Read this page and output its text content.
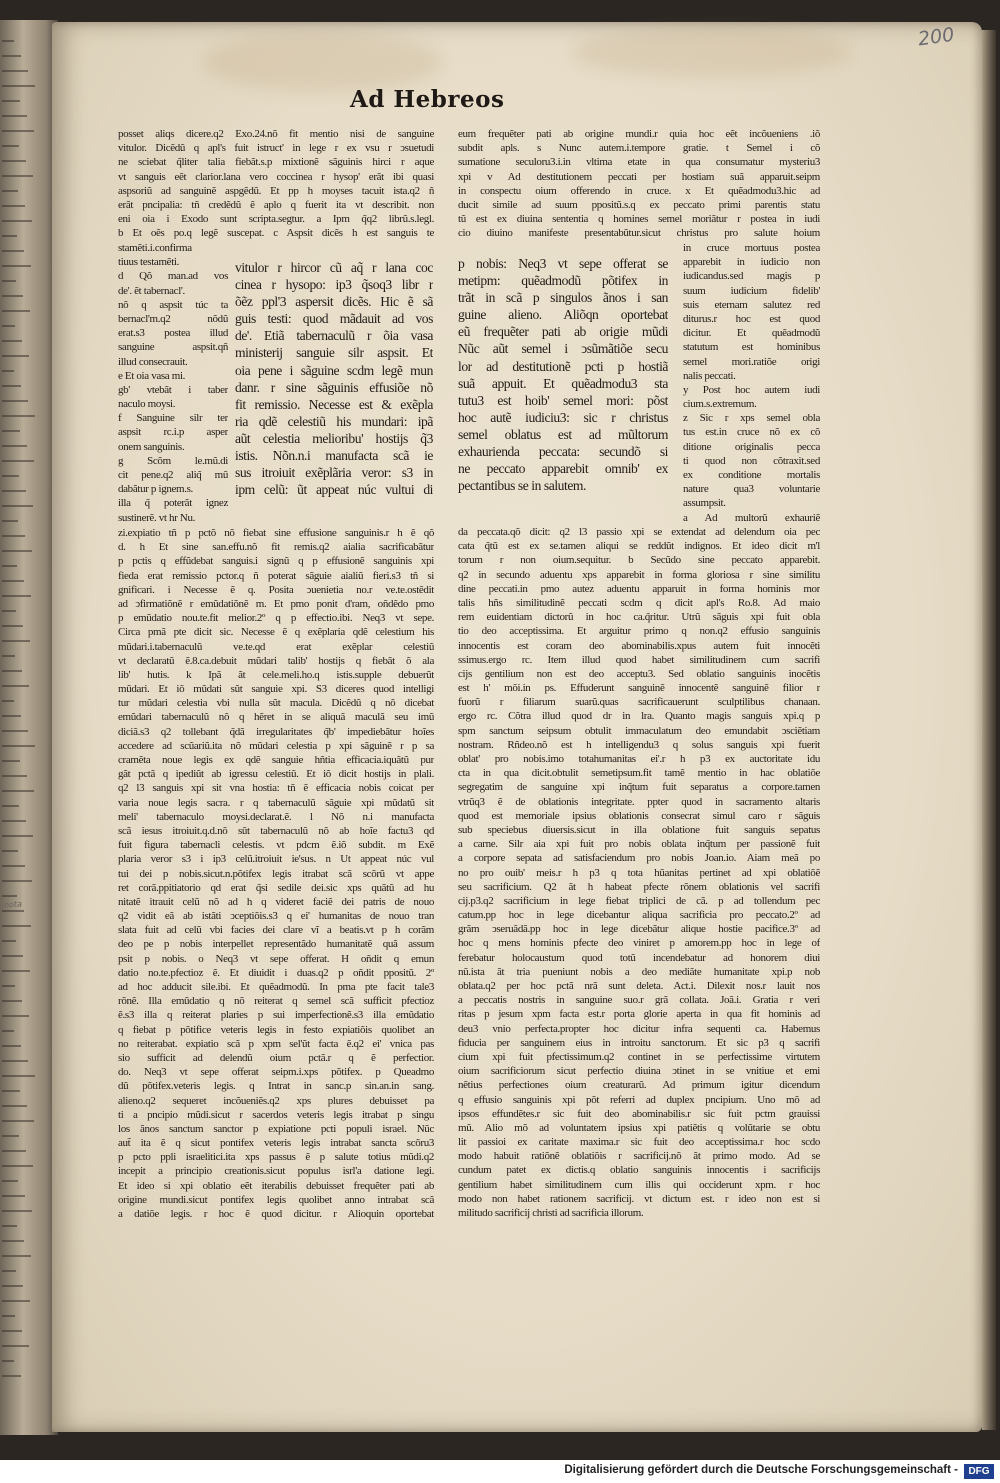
200
Ad Hebreos
posset aliqs dicere.q2 Exo.24.nõ fit mentio nisi de sanguine
vitulor. Dicẽdũ q apl's fuit istruct' in lege r ex vsu r ↄsuetudi
ne sciebat q̃liter talia fiebãt.s.p mixtionẽ sãguinis hirci r aque
vt sanguis eẽt clarior.lana vero coccinea r hysop' erãt ibi quasi
aspsoriũ ad sanguinẽ aspgẽdũ. Et pp h moyses tacuit ista.q2 ñ
erãt pncipalia: tñ credẽdũ ẽ aplo q fuerit ita vt describit. non
eni oia i Exodo sunt scripta.segtur. a Ipm q̃q2 librũ.s.legl.
b Et oẽs po.q legẽ suscepat. c Aspsit dicẽs h est sanguis te
stamẽti.i.confirma
tiuus testamẽti.
d Qõ man.ad vos
de'. ẽt tabernacl'.
nõ q aspsit túc ta
bernacl'm.q2 nõdũ
erat.s3 postea illud
sanguine aspsit.qñ
illud consecrauit.
e Et oia vasa mi.
gb' vtebãt i taber
naculo moysi.
f Sanguine silr ter
aspsit rc.i.p asper
onem sanguinis.
g Scõm le.mũ.di
cit pene.q2 aliq̃ mũ
dabãtur p ignem.s.
illa q̃ poterãt ignez
sustinerẽ. vt hr Nu.
vitulor r hircor cũ aq̃ r lana coc
cinea r hysopo: ip3 q̃soq3 libr r
õẽz ppl'3 aspersit dicẽs. Hic ẽ sã
guis testi: quod mãdauit ad vos
de'. Etiã tabernaculũ r õia vasa
ministerij sanguie silr aspsit. Et
oia pene i sãguine scdm legẽ mun
danr. r sine sãguinis effusiõe nõ
fit remissio. Necesse est & exẽpla
ria qdẽ celestiũ his mundari: ipã
aũt celestia melioribu' hostijs q̃3
istis. Nõn.n.i manufacta scã ie
sus itroiuit exẽplãria veror: s3 in
ipm celũ: ũt appeat núc vultui di
zi.expiatio tñ p pctõ nõ fiebat sine effusione sanguinis.r h ẽ qõ
d. h Et sine san.effu.nõ fit remis.q2 aialia sacrificabãtur
p pctis q effũdebat sanguis.i signũ q p effusionẽ sanguinis xpi
fieda erat remissio pctor.q ñ poterat sãguie aialiũ fieri.s3 tñ si
gnificari. i Necesse ẽ q. Posita ↄuenietia no.r ve.te.ostẽdit
ad ↄfirmatiõnẽ r emũdatiõnẽ m. Et pmo ponit d'ram, oñdẽdo pmo
p emũdatio nou.te.fit melior.2º q p effectio.ibi. Neq3 vt sepe.
Circa pmã pte dicit sic. Necesse ẽ q exẽplaria qdẽ celestium his
mũdari.i.tabernaculũ ve.te.qd erat exẽplar celestiũ
vt declaratũ ẽ.8.ca.debuit mũdari talib' hostijs q fiebãt õ ala
lib' hutis. k Ipã ãt cele.meli.ho.q istis.supple debuerũt
mũdari. Et iõ mũdati sũt sanguie xpi. S3 diceres quod intelligi
tur mũdari celestia vbi nulla sũt macula. Dicẽdũ q nõ dicebat
emũdari tabernaculũ nõ q hẽret in se aliquã maculã seu imũ
diciã.s3 q2 tollebant q̃dã irregularitates q̃b' impediebãtur hoĩes
accedere ad scũariũ.ita nõ mũdari celestia p xpi sãguinẽ r p sa
cramẽta noue legis ex qdẽ sanguie hñtia efficacia.iquãtũ pur
gãt pctã q ipediũt ab igressu celestiũ. Et iõ dicit hostijs in plali.
q2 l3 sanguis xpi sit vna hostia: tñ ẽ efficacia nobis coicat per
varia noue legis sacra. r q tabernaculũ sãguie xpi mũdatũ sit
meli' tabernaculo moysi.declarat.ẽ. l Nõ n.i manufacta
scã iesus itroiuit.q.d.nõ sũt tabernaculũ nõ ab hoĩe factu3 qd
fuit figura tabernacli celestis. vt pdcm ẽ.iõ subdit. m Exẽ
plaria veror s3 i ip3 celũ.itroiuit ie'sus. n Ut appeat núc vul
tui dei p nobis.sicut.n.põtifex legis itrabat scã scõrũ vt appe
ret corã.ppitiatorio qd erat q̃si sedile dei.sic xps quãtũ ad hu
nitatẽ itrauit celũ nõ ad h q videret faciẽ dei patris de nouo
q2 vidit eã ab istãti ↄceptiõis.s3 q ei' humanitas de nouo tran
slata fuit ad celũ vbi facies dei clare vĩ a beatis.vt p h corãm
deo pe p nobis interpellet representãdo humanitatẽ quã assum
psit p nobis. o Neq3 vt sepe offerat. H oñdit q emun
datio no.te.pfectioz ẽ. Et diuidit i duas.q2 p oñdit ppositũ. 2º
ad hoc adducit sile.ibi. Et quẽadmodũ. In pma pte facit tale3
rõnẽ. Illa emũdatio q nõ reiterat q semel scã sufficit pfectioz
ẽ.s3 illa q reiterat plaries p sui imperfectionẽ.s3 illa emũdatio
q fiebat p põtifice veteris legis in festo expiatiõis quolibet an
no reiterabat. expiatio scã p xpm sel'ũt facta ẽ.q2 ei' vnica pas
sio sufficit ad delendũ oium pctã.r q ẽ perfectior.
do. Neq3 vt sepe offerat seipm.i.xps põtifex. p Queadmo
dũ põtifex.veteris legis. q Intrat in sanc.p sin.an.in sang.
alieno.q2 sequeret incõueniẽs.q2 xps plures debuisset pa
ti a pncipio mũdi.sicut r sacerdos veteris legis itrabat p singu
los ãnos sanctum sanctor p expiatione pcti populi israel. Nũc
aut̃ ita ẽ q sicut pontifex veteris legis intrabat sancta scõru3
p pcto ppli israelitici.ita xps passus ẽ p salute totius mũdi.q2
incepit a principio creationis.sicut populus isrl'a datione legi.
Et ideo si xpi oblatio eẽt iterabilis debuisset frequẽter pati ab
origine mundi.sicut pontifex legis quolibet anno intrabat scã
a datiõe legis. r hoc ẽ quod dicitur. r Alioquin oportebat
eum frequẽter pati ab origine mundi.r quia hoc eẽt incõueniens .iõ
subdit apls. s Nunc autem.i.tempore gratie. t Semel i cõ
sumatione seculoru3.i.in vltima etate in qua consumatur mysteriu3
xpi v Ad destitutionem peccati per hostiam suã apparuit.seipm
in conspectu oium offerendo in cruce. x Et quẽadmodu3.hic ad
ducit simile ad suum ppositũ.s.q ex peccato primi parentis statu
tũ est ex diuina sententia q homines semel moriãtur r postea in iudi
cio diuino manifeste presentabũtur.sicut christus pro salute hoium
p nobis: Neq3 vt sepe offerat se
metipm: quẽadmodũ põtifex in
trãt in scã p singulos ãnos i san
guine alieno. Aliõqn oportebat
eũ frequẽter pati ab origie mũdi
Nũc aũt semel i ↄsũmãtiõe secu
lor ad destitutionẽ pcti p hostiã
suã appuit. Et quẽadmodu3 sta
tutu3 est hoib' semel mori: põst
hoc autẽ iudiciu3: sic r christus
semel oblatus est ad mũltorum
exhaurienda peccata: secundõ si
ne peccato apparebit omnib' ex
pectantibus se in salutem.
in cruce mortuus postea
apparebit in iudicio non
iudicandus.sed magis p
suum iudicium fidelib'
suis eternam salutez red
diturus.r hoc est quod
dicitur. Et quẽadmodũ
statutum est hominibus
semel mori.ratiõe origi
nalis peccati.
y Post hoc autem iudi
cium.s.extremum.
z Sic r xps semel obla
tus est.in cruce nõ ex cõ
ditione originalis pecca
ti quod non cõtraxit.sed
ex conditione mortalis
nature qua3 voluntarie
assumpsit.
a Ad multorũ exhauriẽ
da peccata.qõ dicit: q2 l3 passio xpi se extendat ad delendum oia pec
cata q̃tũ est ex se.tamen aliqui se reddũt indignos. Et ideo dicit m'l
torum r non oium.sequitur. b Secũdo sine peccato apparebit.
q2 in secundo aduentu xps apparebit in forma gloriosa r sine similitu
dine peccati.in pmo autez aduentu apparuit in forma hominis mor
talis hñs similitudinẽ peccati scdm q dicit apl's Ro.8. Ad maio
rem euidentiam dictorũ in hoc ca.q̃ritur. Utrũ sãguis xpi fuit obla
tio deo acceptissima. Et arguitur primo q non.q2 effusio sanguinis
innocentis est coram deo abominabilis.xpus autem fuit innocẽti
ssimus.ergo rc. Item illud quod habet similitudinem cum sacrifi
cijs gentilium non est deo acceptu3. Sed oblatio sanguinis inocẽtis
est h' mõi.in ps. Effuderunt sanguinẽ innocentẽ sanguinẽ filior r
fuorũ r filiarum suarũ.quas sacrificauerunt sculptilibus chanaan.
ergo rc. Cõtra illud quod dr in lra. Quanto magis sanguis xpi.q p
spm sanctum seipsum obtulit immaculatum deo emundabit ↄsciẽtiam
nostram. Rñdeo.nõ est h intelligendu3 q solus sanguis xpi fuerit
oblat' pro nobis.imo totahumanitas ei'.r h p3 ex auctoritate idu
cta in qua dicit.obtulit semetipsum.fit tamẽ mentio in hac oblatiõe
segregatim de sanguine xpi inq̃tum fuit separatus a corpore.tamen
vtrũq3 ẽ de oblationis integritate. ppter quod in sacramento altaris
quod est memoriale ipsius oblationis consecrat simul caro r sãguis
sub speciebus diuersis.sicut in illa oblatione fuit sanguis sepatus
a carne. Silr aia xpi fuit pro nobis oblata inq̃tum per passionẽ fuit
a corpore sepata ad satisfaciendum pro nobis Joan.io. Aiam meã po
no pro ouib' meis.r h p3 q tota hũanitas pertinet ad xpi oblatiõẽ
seu sacrificium. Q2 ãt h habeat pfecte rõnem oblationis vel sacrifi
cij.p3.q2 sacrificium in lege fiebat triplici de cã. p ad tollendum pec
catum.pp hoc in lege dicebantur aliqua sacrificia pro peccato.2º ad
grãm ↄseruãdã.pp hoc in lege dicebãtur alique hostie pacifice.3º ad
hoc q mens hominis pfecte deo viniret p amorem.pp hoc in lege of
ferebatur holocaustum quod totũ incendebatur ad honorem diui
nũ.ista ãt tria pueniunt nobis a deo mediãte humanitate xpi.p nob
oblata.q2 per hoc pctã nrã sunt deleta. Act.i. Dilexit nos.r lauit nos
a peccatis nostris in sanguine suo.r grã collata. Joã.i. Gratia r veri
ritas p jesum xpm facta est.r porta glorie aperta in qua fit hominis ad
deu3 vnio perfecta.propter hoc dicitur infra sequenti ca. Habemus
fiducia per sanguinem eius in introitu sanctorum. Et sic p3 q sacrifi
cium xpi fuit pfectissimum.q2 continet in se perfectissime virtutem
oium sacrificiorum sicut perfectio diuina ↄtinet in se vnitiue et emi
nẽtius perfectiones oium creaturarũ. Ad primum igitur dicendum
q effusio sanguinis xpi põt referri ad duplex pncipium. Uno mõ ad
ipsos effundẽtes.r sic fuit deo abominabilis.r sic fuit pctm grauissi
mũ. Alio mõ ad voluntatem ipsius xpi patiẽtis q volũtarie se obtu
lit passioi ex caritate maxima.r sic fuit deo acceptissima.r hoc scdo
modo habuit ratiõnẽ oblatiõis r sacrificij.nõ ãt primo modo. Ad se
cundum patet ex dictis.q oblatio sanguinis innocentis i sacrificijs
gentilium habet similitudinem cum illis qui occiderunt xpm. r hoc
modo non habet rationem sacrificij. vt dictum est. r ideo non est si
militudo sacrificij christi ad sacrificia illorum.
nota
Digitalisierung gefördert durch die Deutsche Forschungsgemeinschaft -	DFG
